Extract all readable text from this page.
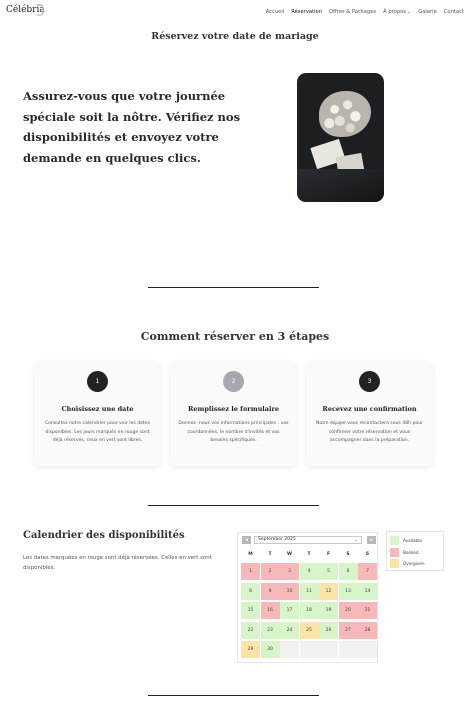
Célébria	Accueil Réservation Offres & Packages À propos⌄ Galerie Contact
Réservez votre date de mariage
Assurez-vous que votre journée spéciale soit la nôtre. Vérifiez nos disponibilités et envoyez votre demande en quelques clics.
Comment réserver en 3 étapes
1
Choisissez une date
Consultez notre calendrier pour voir les dates disponibles. Les jours marqués en rouge sont déjà réservés, ceux en vert sont libres.
2
Remplissez le formulaire
Donnez -nous vos informations principales : vos coordonnées, le nombre d'invités et vos besoins spécifiques.
3
Recevez une confirmation
Notre équipe vous recontactera sous 48h pour confirmer votre réservation et vous accompagner dans la préparation.
Calendrier des disponibilités
Les dates marquées en rouge sont déjà réservées. Celles en vert sont disponibles.
◂	September 2025	⌄	▸
M	T	W	T	F	S	S
1	2	3	4	5	6	7
8	9	10	11	12	13	14
15	16	17	18	19	20	21
22	23	24	25	26	27	28
29	30
Available
Booked
Overgiven
